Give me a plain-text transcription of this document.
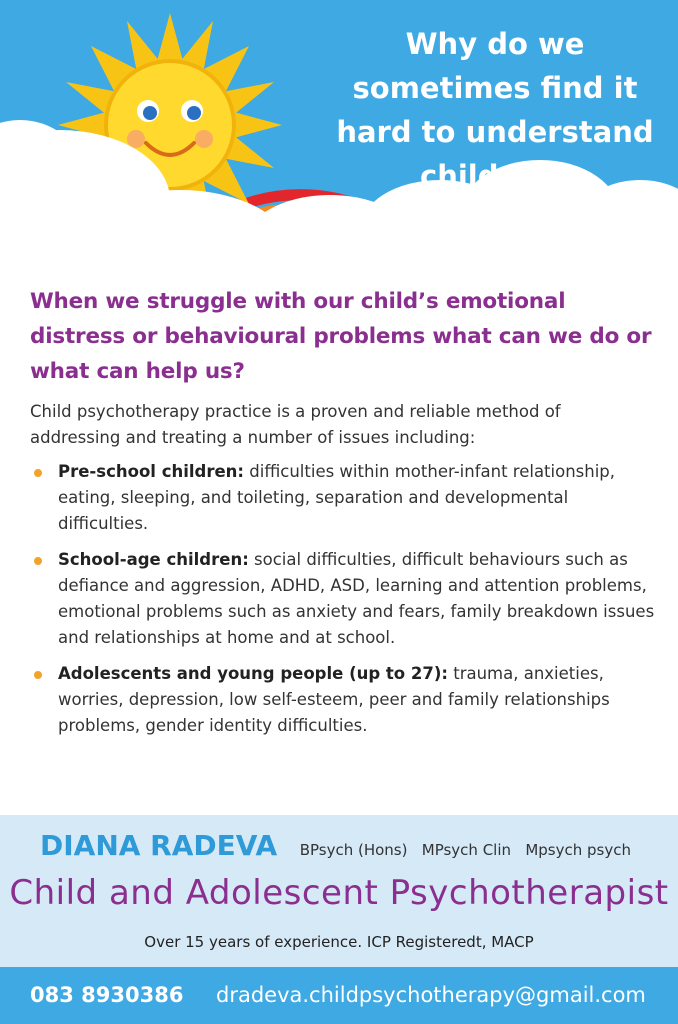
Why do we
sometimes find it
hard to understand
children?

When we struggle with our child’s emotional distress or behavioural problems what can we do or what can help us?

Child psychotherapy practice is a proven and reliable method of addressing and treating a number of issues including:

Pre-school children: difficulties within mother-infant relationship, eating, sleeping, and toileting, separation and developmental difficulties.
School-age children: social difficulties, difficult behaviours such as defiance and aggression, ADHD, ASD, learning and attention problems, emotional problems such as anxiety and fears, family breakdown issues and relationships at home and at school.
Adolescents and young people (up to 27): trauma, anxieties, worries, depression, low self-esteem, peer and family relationships problems, gender identity difficulties.
DIANA RADEVA BPsych (Hons)   MPsych Clin   Mpsych psych
Child and Adolescent Psychotherapist
Over 15 years of experience. ICP Registeredt, MACP
083 8930386 dradeva.childpsychotherapy@gmail.com
